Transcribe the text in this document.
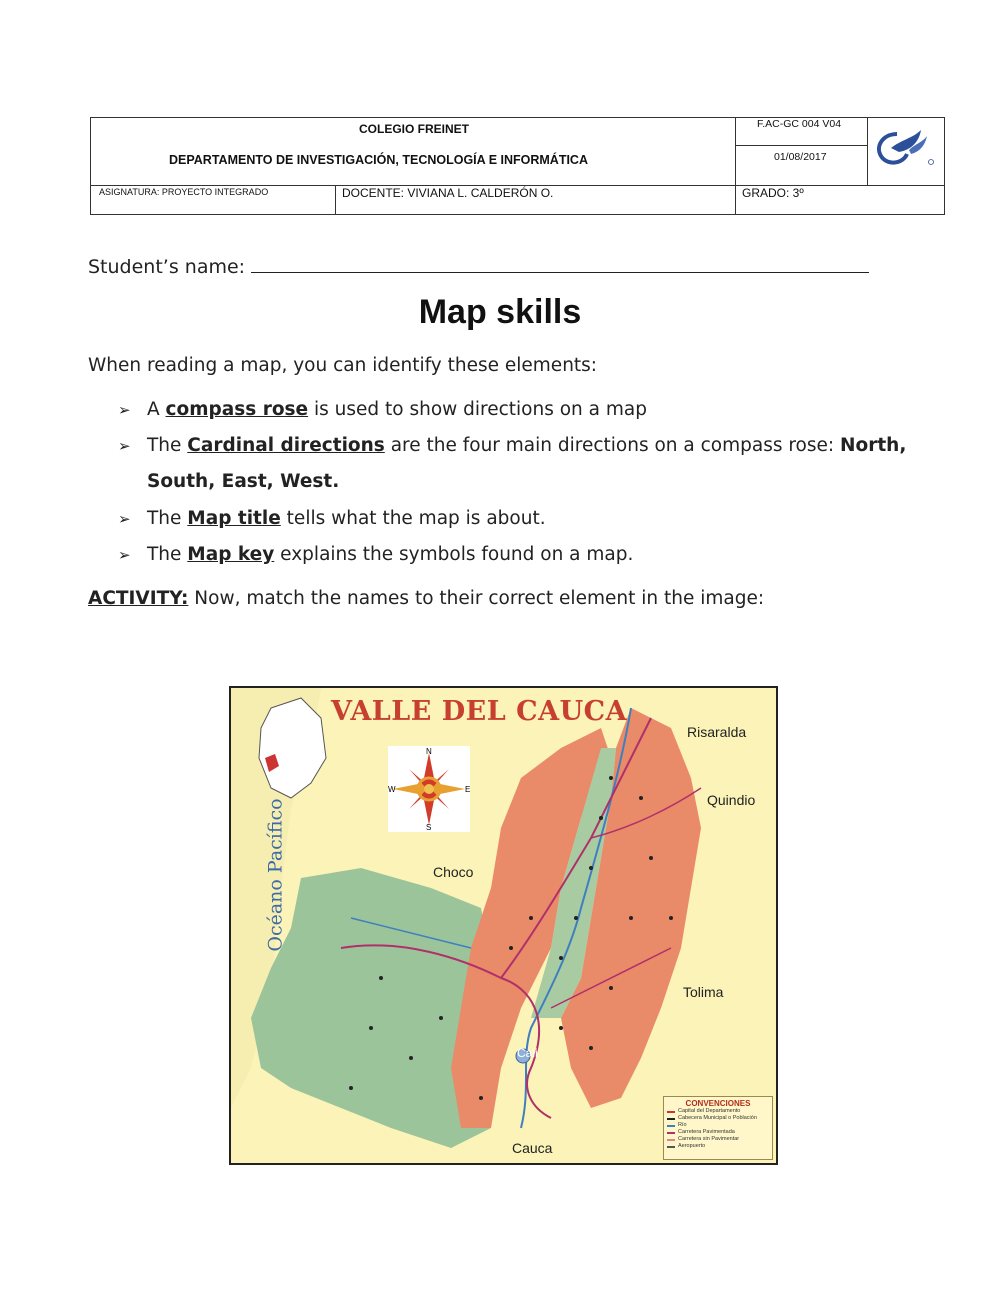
COLEGIO FREINET
DEPARTAMENTO DE INVESTIGACIÓN, TECNOLOGÍA E INFORMÁTICA
F.AC-GC 004 V04
01/08/2017
ASIGNATURA: PROYECTO INTEGRADO	DOCENTE: VIVIANA L. CALDERÓN O.	GRADO: 3º
Student’s name:
Map skills
When reading a map, you can identify these elements:
➢ A compass rose is used to show directions on a map
➢ The Cardinal directions are the four main directions on a compass rose: North,
South, East, West.
➢ The Map title tells what the map is about.
➢ The Map key explains the symbols found on a map.
ACTIVITY: Now, match the names to their correct element in the image:
N
S
E
W
VALLE DEL CAUCA
Océano Pacífico
Risaralda
Quindio
Choco
Tolima
Cali
Cauca
CONVENCIONES
Capital del Departamento
Cabecera Municipal o Población
Río
Carretera Pavimentada
Carretera sin Pavimentar
Aeropuerto
